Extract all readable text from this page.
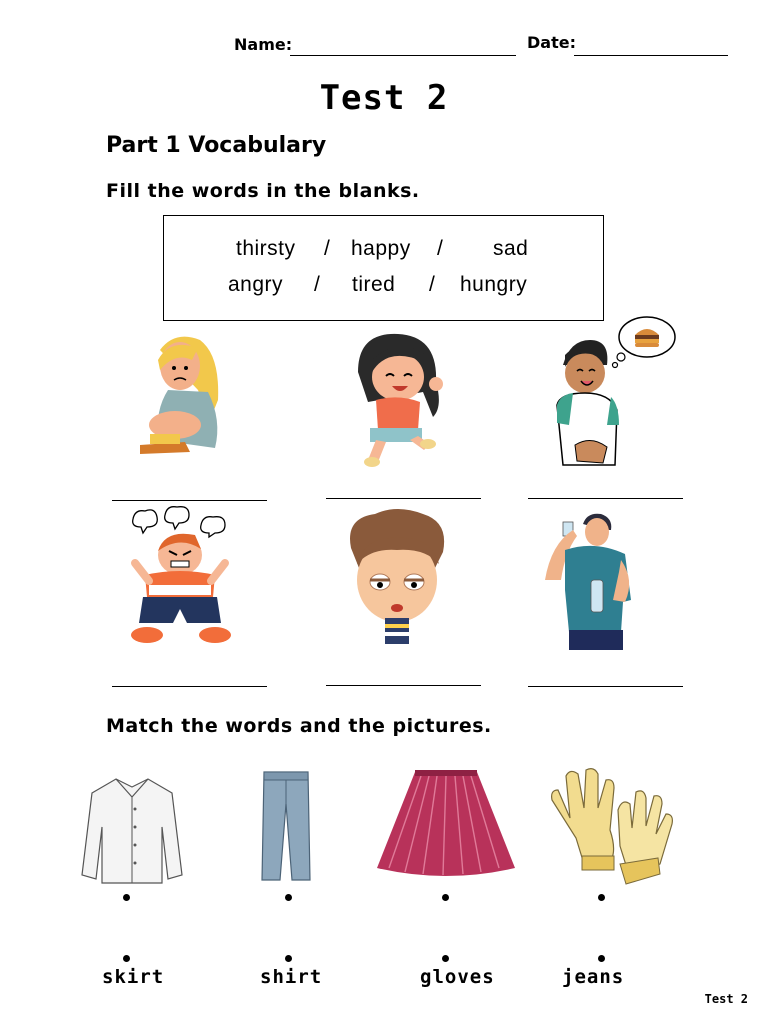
Name:	Date:
Test 2
Part 1 Vocabulary
Fill the words in the blanks.
thirsty / happy / sad
angry / tired / hungry
Match the words and the pictures.
skirt	shirt	gloves	jeans
Test 2
